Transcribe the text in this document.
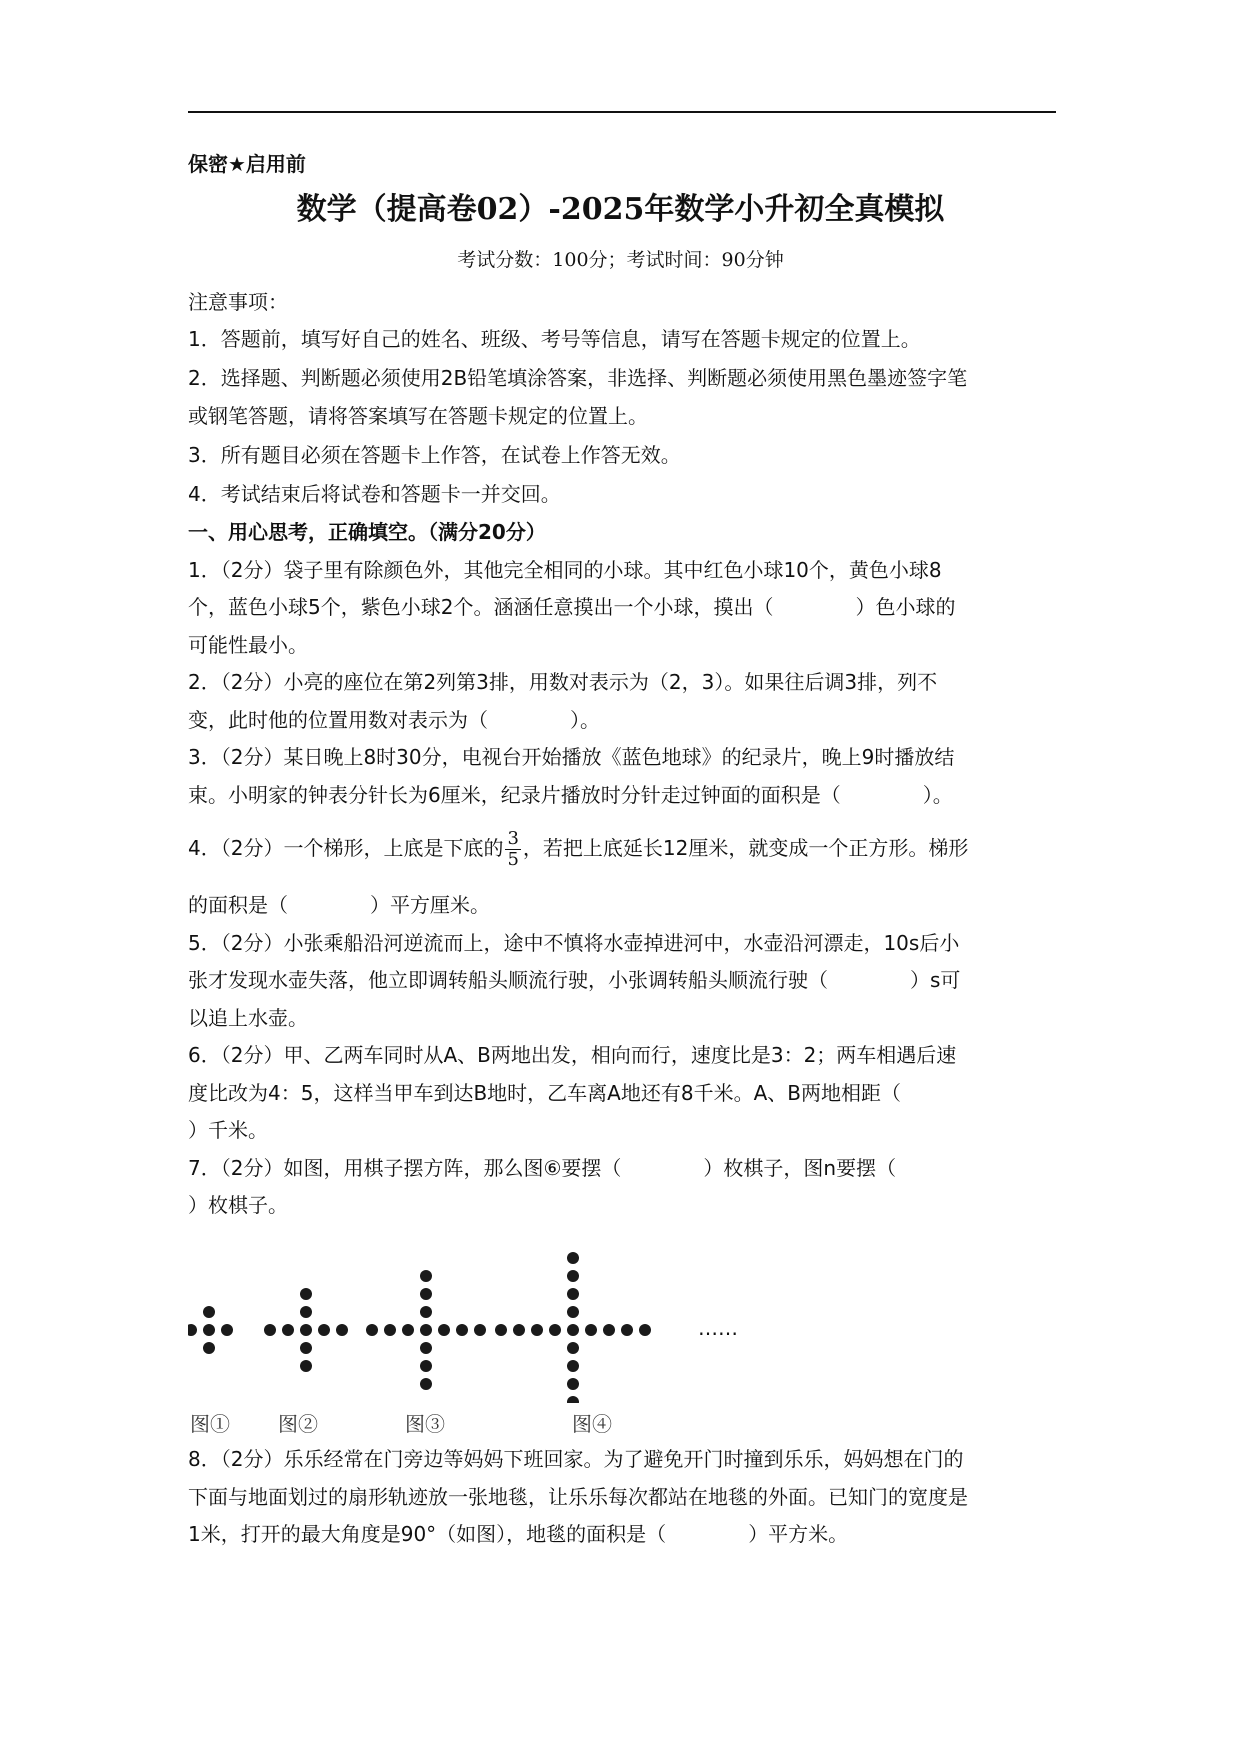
保密★启用前
数学（提高卷02）-2025年数学小升初全真模拟
考试分数：100分；考试时间：90分钟
注意事项：
1．答题前，填写好自己的姓名、班级、考号等信息，请写在答题卡规定的位置上。
2．选择题、判断题必须使用2B铅笔填涂答案，非选择、判断题必须使用黑色墨迹签字笔
或钢笔答题，请将答案填写在答题卡规定的位置上。
3．所有题目必须在答题卡上作答，在试卷上作答无效。
4．考试结束后将试卷和答题卡一并交回。
一、用心思考，正确填空。（满分20分）
1．（2分）袋子里有除颜色外，其他完全相同的小球。其中红色小球10个，黄色小球8
个，蓝色小球5个，紫色小球2个。涵涵任意摸出一个小球，摸出（	）色小球的
可能性最小。
2．（2分）小亮的座位在第2列第3排，用数对表示为（2，3）。如果往后调3排，列不
变，此时他的位置用数对表示为（	）。
3．（2分）某日晚上8时30分，电视台开始播放《蓝色地球》的纪录片，晚上9时播放结
束。小明家的钟表分针长为6厘米，纪录片播放时分针走过钟面的面积是（	）。
4．（2分）一个梯形，上底是下底的 $\frac{3}{5}$ ，若把上底延长12厘米，就变成一个正方形。梯形
的面积是（	）平方厘米。
5．（2分）小张乘船沿河逆流而上，途中不慎将水壶掉进河中，水壶沿河漂走，10s后小
张才发现水壶失落，他立即调转船头顺流行驶，小张调转船头顺流行驶（	）s可
以追上水壶。
6．（2分）甲、乙两车同时从A、B两地出发，相向而行，速度比是3：2；两车相遇后速
度比改为4：5，这样当甲车到达B地时，乙车离A地还有8千米。A、B两地相距（
）千米。
7．（2分）如图，用棋子摆方阵，那么图⑥要摆（	）枚棋子，图n要摆（
）枚棋子。
……
图① 图②	图③	图④
8．（2分）乐乐经常在门旁边等妈妈下班回家。为了避免开门时撞到乐乐，妈妈想在门的
下面与地面划过的扇形轨迹放一张地毯，让乐乐每次都站在地毯的外面。已知门的宽度是
1米，打开的最大角度是90°（如图），地毯的面积是（	）平方米。
